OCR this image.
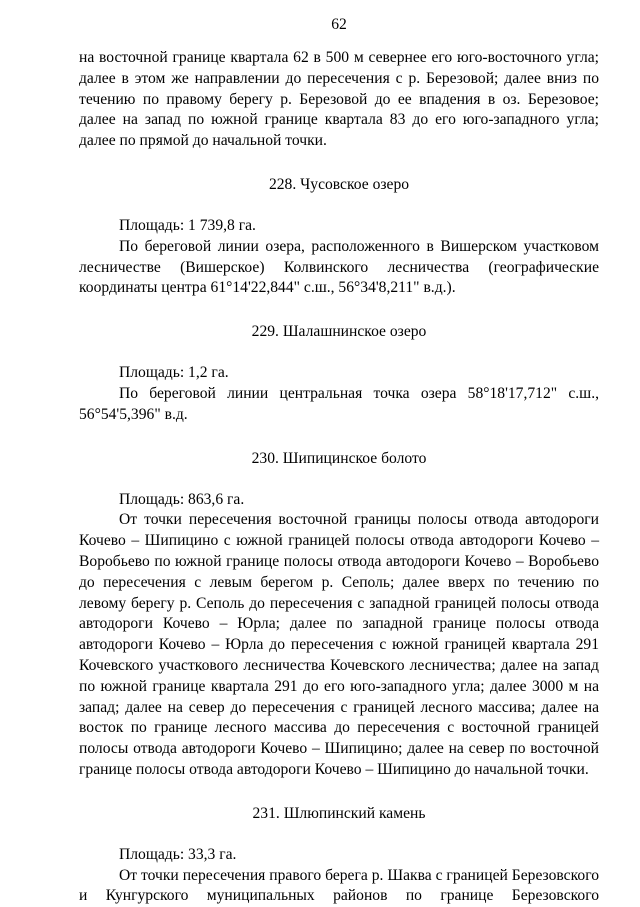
62

на восточной границе квартала 62 в 500 м севернее его юго-восточного угла; далее в этом же направлении до пересечения с р. Березовой; далее вниз по течению по правому берегу р. Березовой до ее впадения в оз. Березовое; далее на запад по южной границе квартала 83 до его юго-западного угла; далее по прямой до начальной точки.

228. Чусовское озеро

Площадь: 1 739,8 га.

По береговой линии озера, расположенного в Вишерском участковом лесничестве (Вишерское) Колвинского лесничества (географические координаты центра 61°14'22,844" с.ш., 56°34'8,211" в.д.).

229. Шалашнинское озеро

Площадь: 1,2 га.

По береговой линии центральная точка озера 58°18'17,712" с.ш., 56°54'5,396" в.д.

230. Шипицинское болото

Площадь: 863,6 га.

От точки пересечения восточной границы полосы отвода автодороги Кочево – Шипицино с южной границей полосы отвода автодороги Кочево – Воробьево по южной границе полосы отвода автодороги Кочево – Воробьево до пересечения с левым берегом р. Сеполь; далее вверх по течению по левому берегу р. Сеполь до пересечения с западной границей полосы отвода автодороги Кочево – Юрла; далее по западной границе полосы отвода автодороги Кочево – Юрла до пересечения с южной границей квартала 291 Кочевского участкового лесничества Кочевского лесничества; далее на запад по южной границе квартала 291 до его юго-западного угла; далее 3000 м на запад; далее на север до пересечения с границей лесного массива; далее на восток по границе лесного массива до пересечения с восточной границей полосы отвода автодороги Кочево – Шипицино; далее на север по восточной границе полосы отвода автодороги Кочево – Шипицино до начальной точки.

231. Шлюпинский камень

Площадь: 33,3 га.

От точки пересечения правого берега р. Шаква с границей Березовского и Кунгурского муниципальных районов по границе Березовского
